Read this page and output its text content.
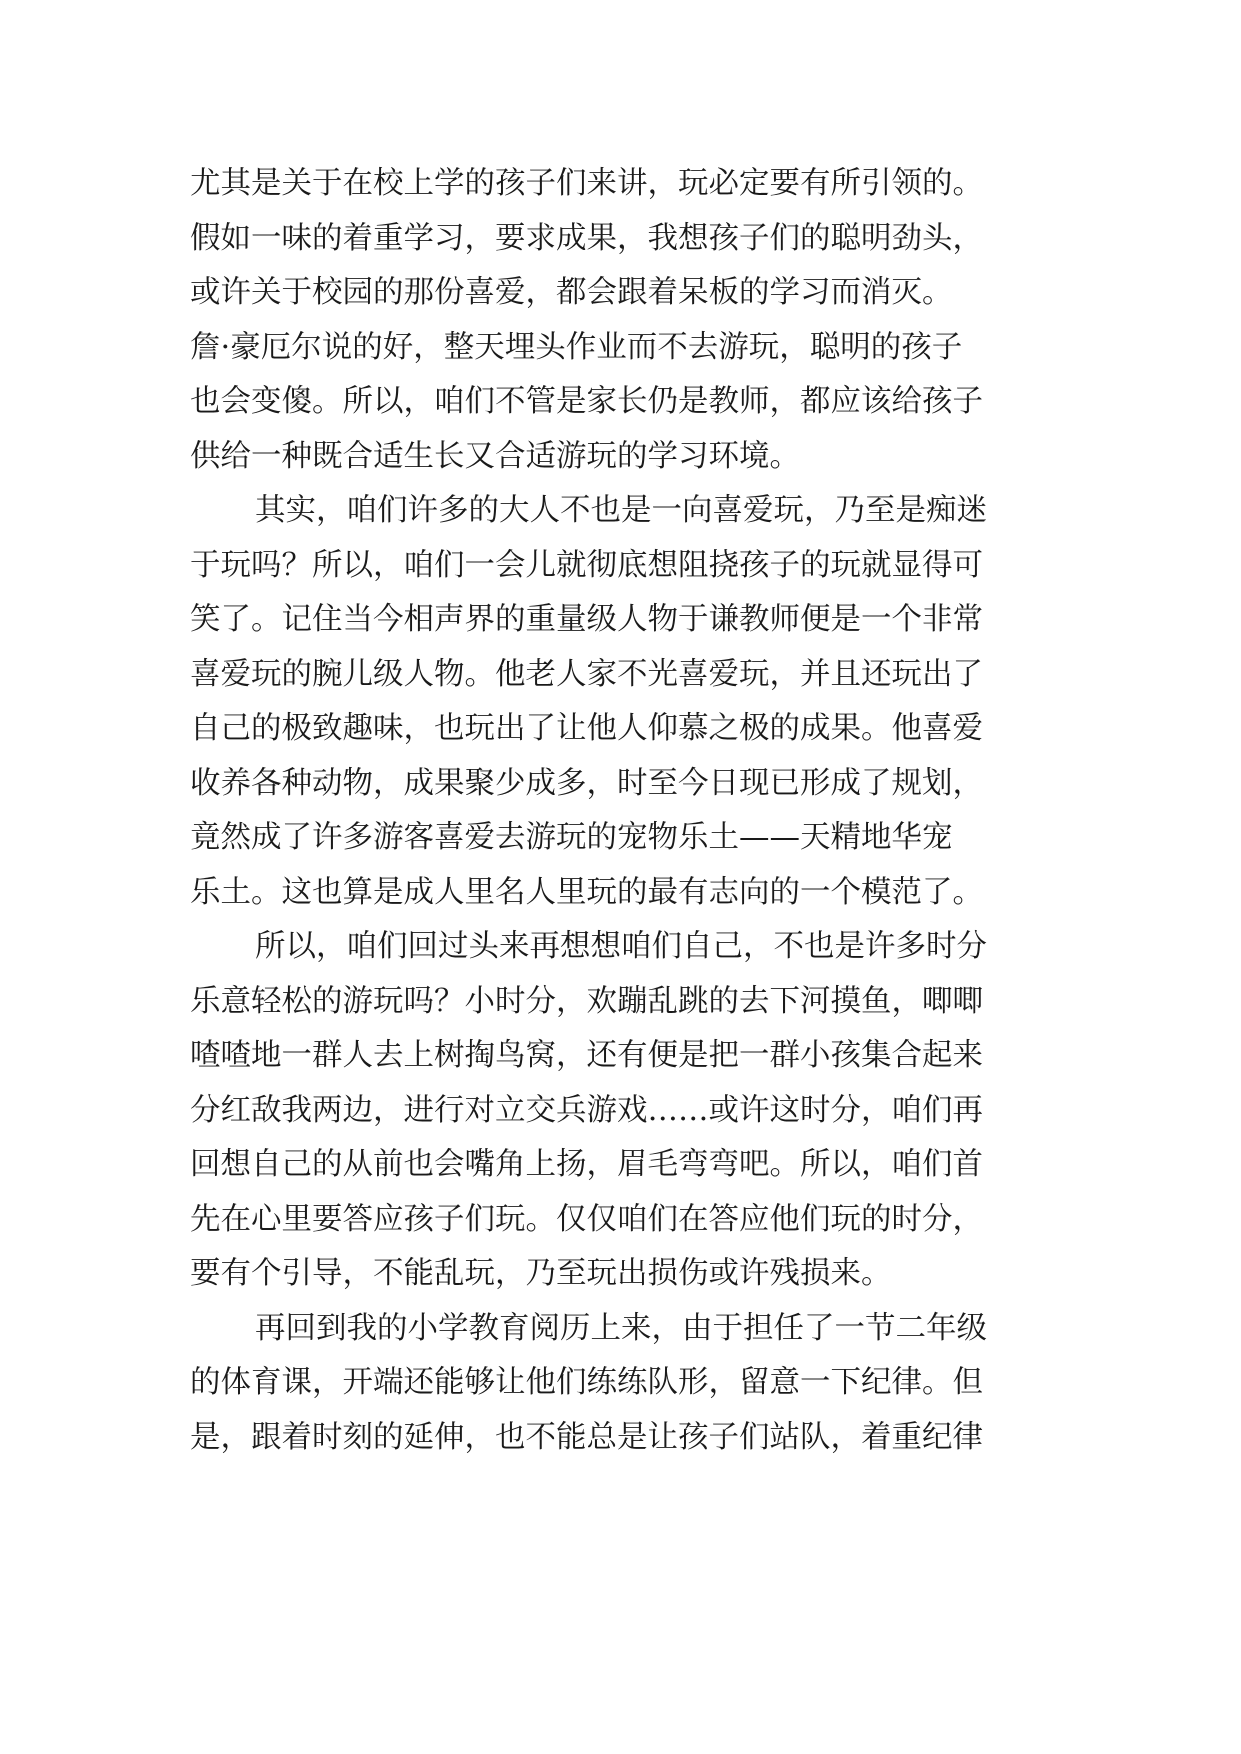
尤其是关于在校上学的孩子们来讲，玩必定要有所引领的。
假如一味的着重学习，要求成果，我想孩子们的聪明劲头，
或许关于校园的那份喜爱，都会跟着呆板的学习而消灭。
詹·豪厄尔说的好，整天埋头作业而不去游玩，聪明的孩子
也会变傻。所以，咱们不管是家长仍是教师，都应该给孩子
供给一种既合适生长又合适游玩的学习环境。
其实，咱们许多的大人不也是一向喜爱玩，乃至是痴迷
于玩吗？所以，咱们一会儿就彻底想阻挠孩子的玩就显得可
笑了。记住当今相声界的重量级人物于谦教师便是一个非常
喜爱玩的腕儿级人物。他老人家不光喜爱玩，并且还玩出了
自己的极致趣味，也玩出了让他人仰慕之极的成果。他喜爱
收养各种动物，成果聚少成多，时至今日现已形成了规划，
竟然成了许多游客喜爱去游玩的宠物乐土——天精地华宠
乐土。这也算是成人里名人里玩的最有志向的一个模范了。
所以，咱们回过头来再想想咱们自己，不也是许多时分
乐意轻松的游玩吗？小时分，欢蹦乱跳的去下河摸鱼，唧唧
喳喳地一群人去上树掏鸟窝，还有便是把一群小孩集合起来
分红敌我两边，进行对立交兵游戏……或许这时分，咱们再
回想自己的从前也会嘴角上扬，眉毛弯弯吧。所以，咱们首
先在心里要答应孩子们玩。仅仅咱们在答应他们玩的时分，
要有个引导，不能乱玩，乃至玩出损伤或许残损来。
再回到我的小学教育阅历上来，由于担任了一节二年级
的体育课，开端还能够让他们练练队形，留意一下纪律。但
是，跟着时刻的延伸，也不能总是让孩子们站队，着重纪律
